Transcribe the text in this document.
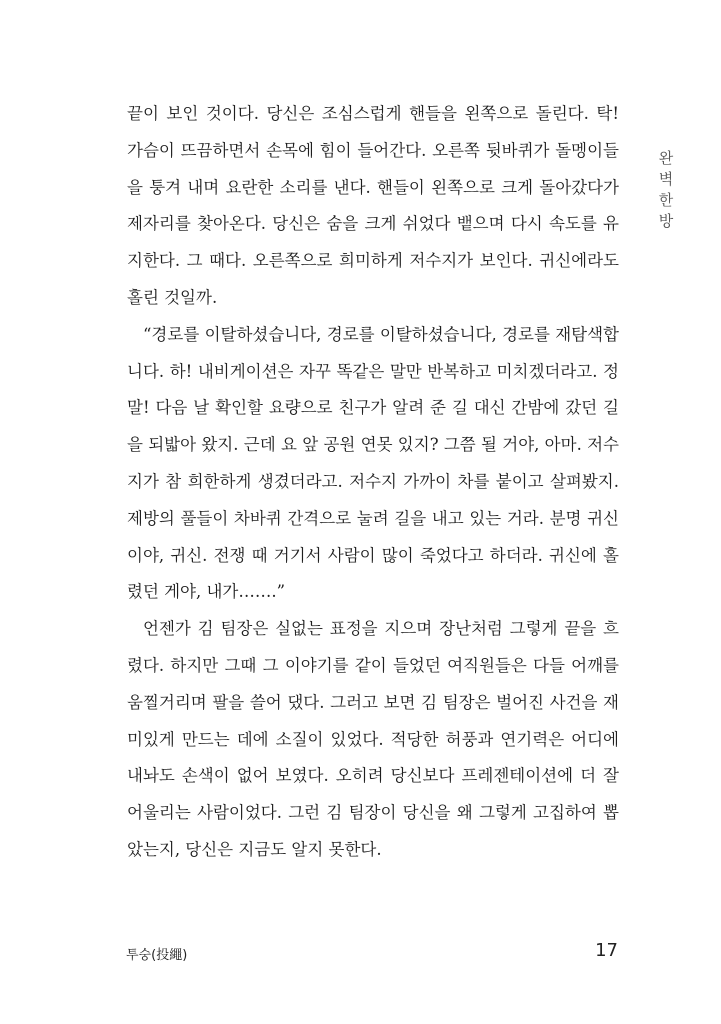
완
벽
한
방
끝이 보인 것이다. 당신은 조심스럽게 핸들을 왼쪽으로 돌린다. 탁!
가슴이 뜨끔하면서 손목에 힘이 들어간다. 오른쪽 뒷바퀴가 돌멩이들
을 퉁겨 내며 요란한 소리를 낸다. 핸들이 왼쪽으로 크게 돌아갔다가
제자리를 찾아온다. 당신은 숨을 크게 쉬었다 뱉으며 다시 속도를 유
지한다. 그 때다. 오른쪽으로 희미하게 저수지가 보인다. 귀신에라도
홀린 것일까.
“경로를 이탈하셨습니다, 경로를 이탈하셨습니다, 경로를 재탐색합
니다. 하! 내비게이션은 자꾸 똑같은 말만 반복하고 미치겠더라고. 정
말! 다음 날 확인할 요량으로 친구가 알려 준 길 대신 간밤에 갔던 길
을 되밟아 왔지. 근데 요 앞 공원 연못 있지? 그쯤 될 거야, 아마. 저수
지가 참 희한하게 생겼더라고. 저수지 가까이 차를 붙이고 살펴봤지.
제방의 풀들이 차바퀴 간격으로 눌려 길을 내고 있는 거라. 분명 귀신
이야, 귀신. 전쟁 때 거기서 사람이 많이 죽었다고 하더라. 귀신에 홀
렸던 게야, 내가…….”
언젠가 김 팀장은 실없는 표정을 지으며 장난처럼 그렇게 끝을 흐
렸다. 하지만 그때 그 이야기를 같이 들었던 여직원들은 다들 어깨를
움찔거리며 팔을 쓸어 댔다. 그러고 보면 김 팀장은 벌어진 사건을 재
미있게 만드는 데에 소질이 있었다. 적당한 허풍과 연기력은 어디에
내놔도 손색이 없어 보였다. 오히려 당신보다 프레젠테이션에 더 잘
어울리는 사람이었다. 그런 김 팀장이 당신을 왜 그렇게 고집하여 뽑
았는지, 당신은 지금도 알지 못한다.
투숭(投繩)	17
